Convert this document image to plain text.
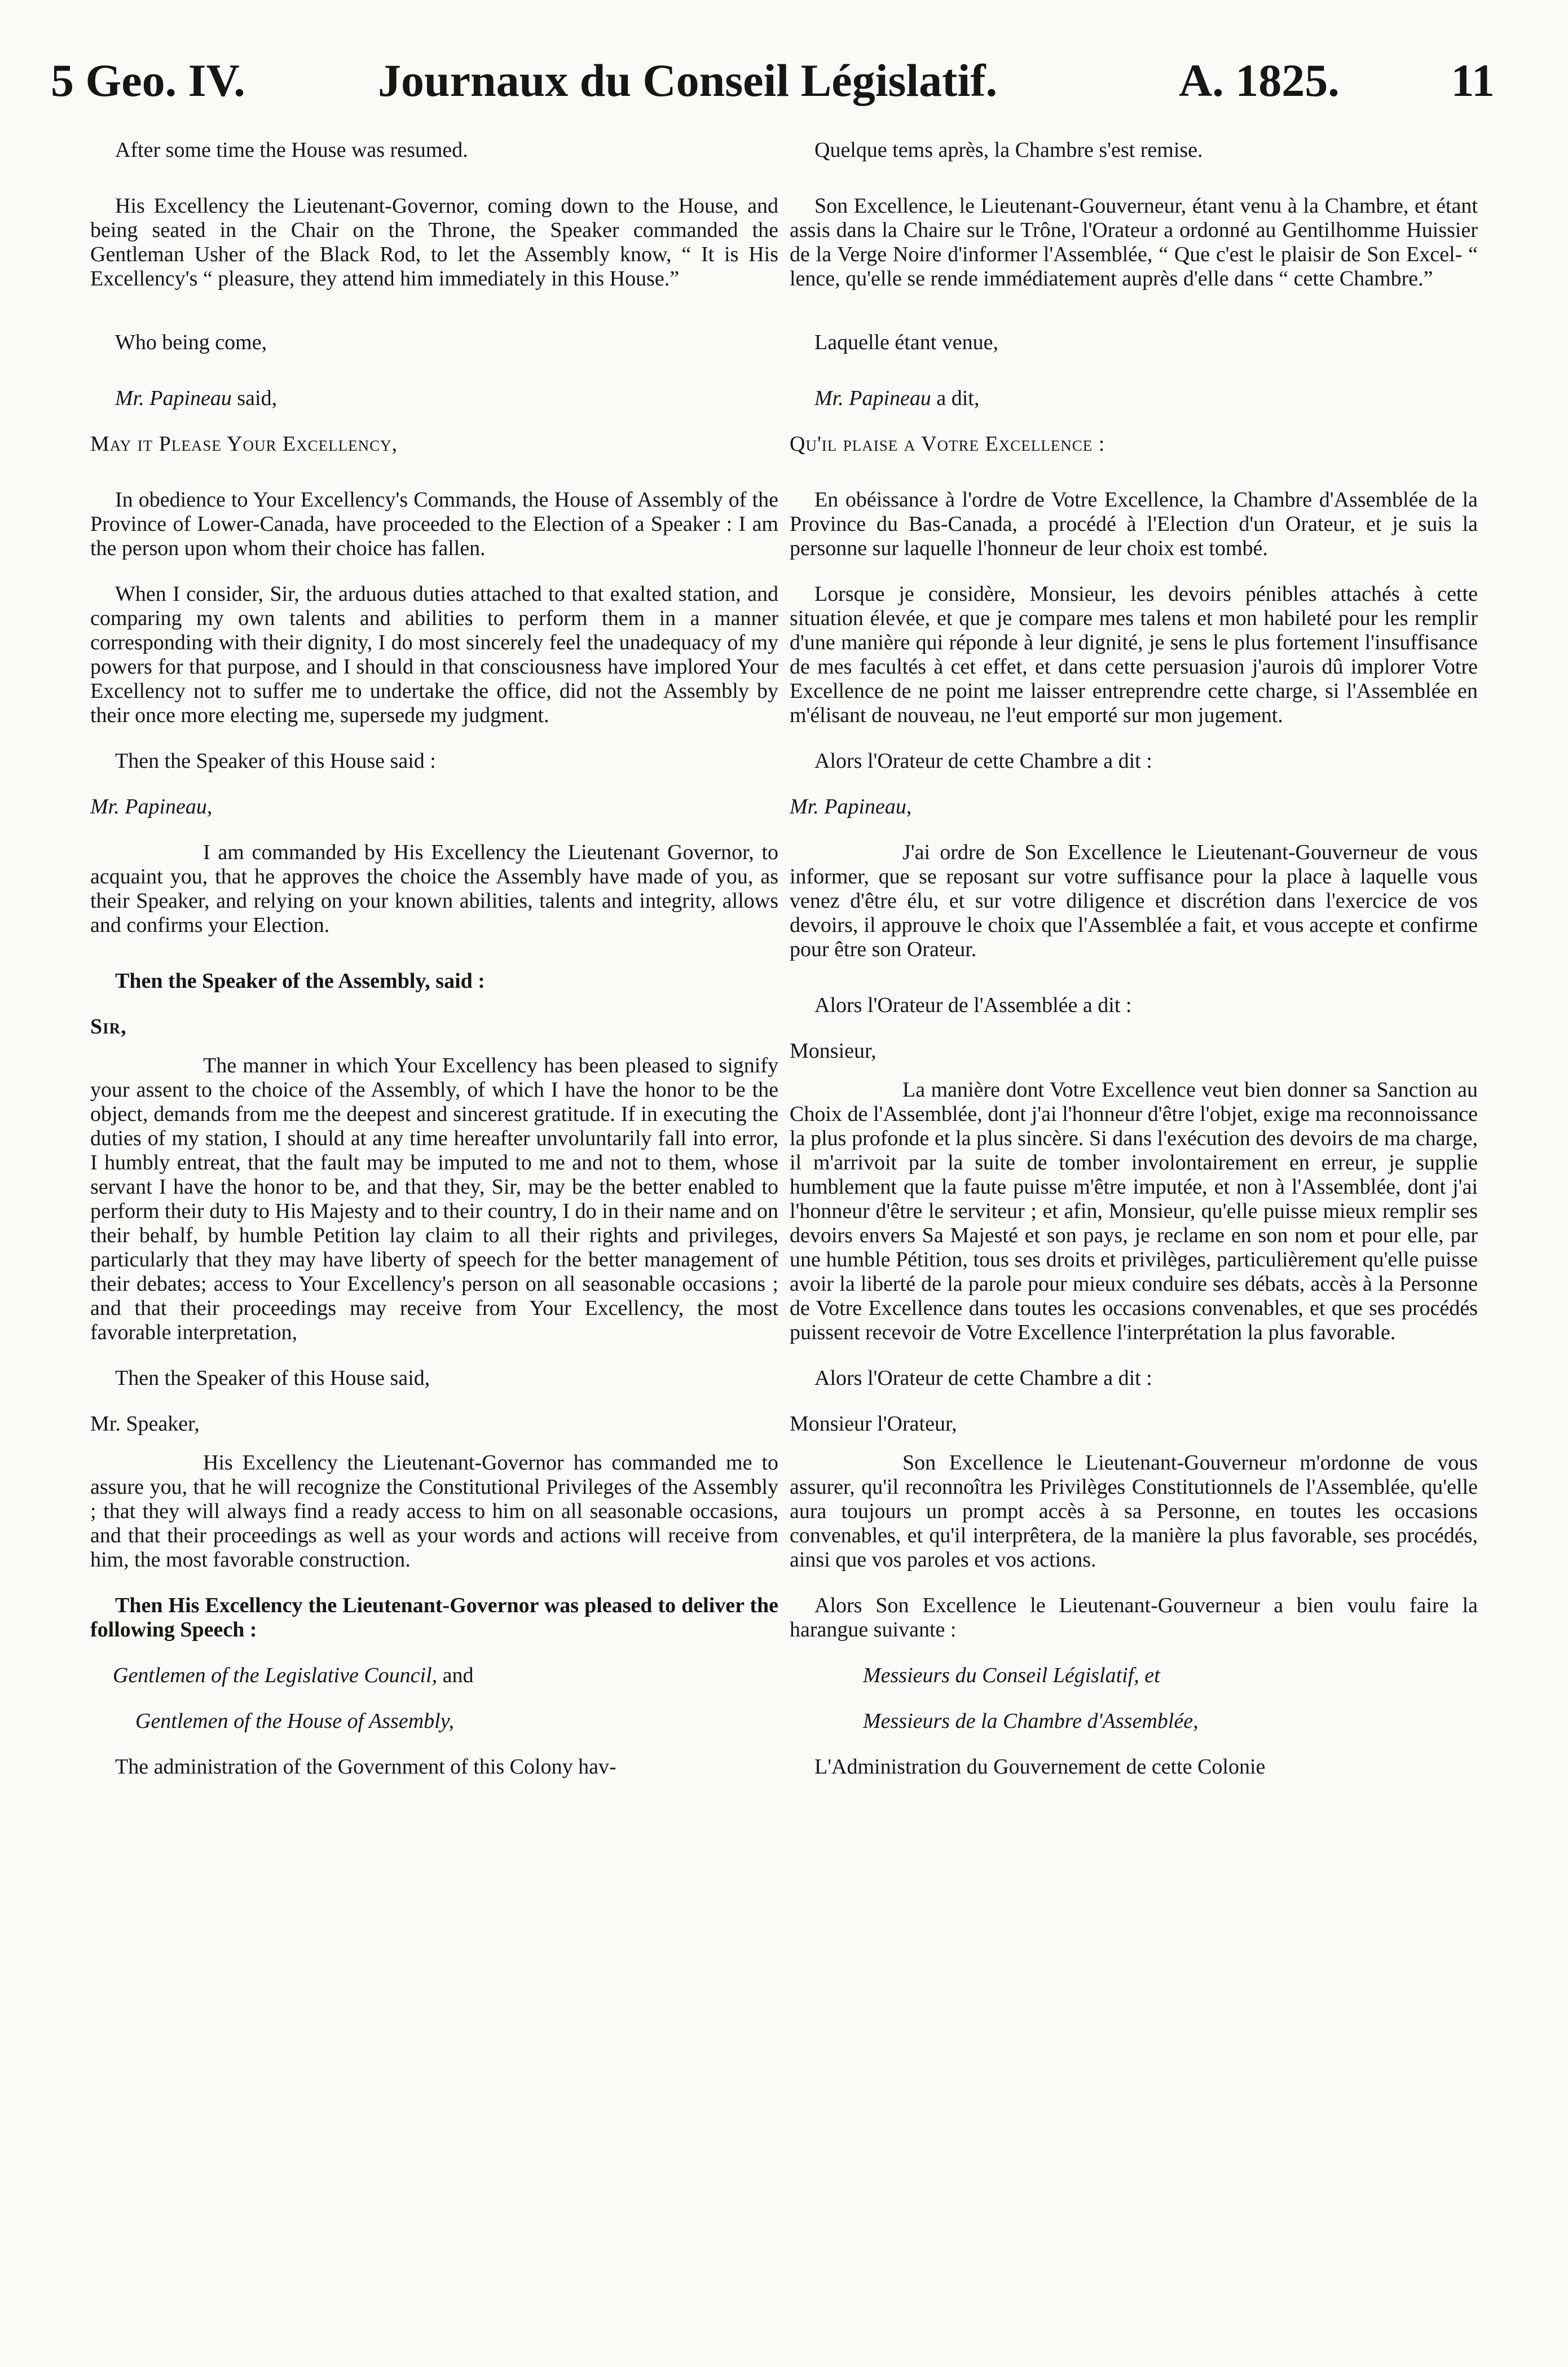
5 Geo. IV.	Journaux du Conseil Législatif.	A. 1825. 11

After some time the House was resumed.

His Excellency the Lieutenant-Governor, coming down to the House, and being seated in the Chair on the Throne, the Speaker commanded the Gentleman Usher of the Black Rod, to let the Assembly know, “ It is His Excellency's “ pleasure, they attend him immediately in this House.”

Who being come,

Mr. Papineau said,

May it Please Your Excellency,

In obedience to Your Excellency's Commands, the House of Assembly of the Province of Lower-Canada, have proceeded to the Election of a Speaker : I am the person upon whom their choice has fallen.

When I consider, Sir, the arduous duties attached to that exalted station, and comparing my own talents and abilities to perform them in a manner corresponding with their dignity, I do most sincerely feel the unadequacy of my powers for that purpose, and I should in that consciousness have implored Your Excellency not to suffer me to undertake the office, did not the Assembly by their once more electing me, supersede my judgment.

Then the Speaker of this House said :

Mr. Papineau,

I am commanded by His Excellency the Lieutenant Governor, to acquaint you, that he approves the choice the Assembly have made of you, as their Speaker, and relying on your known abilities, talents and integrity, allows and confirms your Election.

Then the Speaker of the Assembly, said :

Sir,

The manner in which Your Excellency has been pleased to signify your assent to the choice of the Assembly, of which I have the honor to be the object, demands from me the deepest and sincerest gratitude. If in executing the duties of my station, I should at any time hereafter unvoluntarily fall into error, I humbly entreat, that the fault may be imputed to me and not to them, whose servant I have the honor to be, and that they, Sir, may be the better enabled to perform their duty to His Majesty and to their country, I do in their name and on their behalf, by humble Petition lay claim to all their rights and privileges, particularly that they may have liberty of speech for the better management of their debates; access to Your Excellency's person on all seasonable occasions ; and that their proceedings may receive from Your Excellency, the most favorable interpretation,

Then the Speaker of this House said,

Mr. Speaker,

His Excellency the Lieutenant-Governor has commanded me to assure you, that he will recognize the Constitutional Privileges of the Assembly ; that they will always find a ready access to him on all seasonable occasions, and that their proceedings as well as your words and actions will receive from him, the most favorable construction.

Then His Excellency the Lieutenant-Governor was pleased to deliver the following Speech :

Gentlemen of the Legislative Council, and

Gentlemen of the House of Assembly,

The administration of the Government of this Colony hav-

Quelque tems après, la Chambre s'est remise.

Son Excellence, le Lieutenant-Gouverneur, étant venu à la Chambre, et étant assis dans la Chaire sur le Trône, l'Orateur a ordonné au Gentilhomme Huissier de la Verge Noire d'informer l'Assemblée, “ Que c'est le plaisir de Son Excel- “ lence, qu'elle se rende immédiatement auprès d'elle dans “ cette Chambre.”

Laquelle étant venue,

Mr. Papineau a dit,

Qu'il plaise a Votre Excellence :

En obéissance à l'ordre de Votre Excellence, la Chambre d'Assemblée de la Province du Bas-Canada, a procédé à l'Election d'un Orateur, et je suis la personne sur laquelle l'honneur de leur choix est tombé.

Lorsque je considère, Monsieur, les devoirs pénibles attachés à cette situation élevée, et que je compare mes talens et mon habileté pour les remplir d'une manière qui réponde à leur dignité, je sens le plus fortement l'insuffisance de mes facultés à cet effet, et dans cette persuasion j'aurois dû implorer Votre Excellence de ne point me laisser entreprendre cette charge, si l'Assemblée en m'élisant de nouveau, ne l'eut emporté sur mon jugement.

Alors l'Orateur de cette Chambre a dit :

Mr. Papineau,

J'ai ordre de Son Excellence le Lieutenant-Gouverneur de vous informer, que se reposant sur votre suffisance pour la place à laquelle vous venez d'être élu, et sur votre diligence et discrétion dans l'exercice de vos devoirs, il approuve le choix que l'Assemblée a fait, et vous accepte et confirme pour être son Orateur.

Alors l'Orateur de l'Assemblée a dit :

Monsieur,

La manière dont Votre Excellence veut bien donner sa Sanction au Choix de l'Assemblée, dont j'ai l'honneur d'être l'objet, exige ma reconnoissance la plus profonde et la plus sincère. Si dans l'exécution des devoirs de ma charge, il m'arrivoit par la suite de tomber involontairement en erreur, je supplie humblement que la faute puisse m'être imputée, et non à l'Assemblée, dont j'ai l'honneur d'être le serviteur ; et afin, Monsieur, qu'elle puisse mieux remplir ses devoirs envers Sa Majesté et son pays, je reclame en son nom et pour elle, par une humble Pétition, tous ses droits et privilèges, particulièrement qu'elle puisse avoir la liberté de la parole pour mieux conduire ses débats, accès à la Personne de Votre Excellence dans toutes les occasions convenables, et que ses procédés puissent recevoir de Votre Excellence l'interprétation la plus favorable.

Alors l'Orateur de cette Chambre a dit :

Monsieur l'Orateur,

Son Excellence le Lieutenant-Gouverneur m'ordonne de vous assurer, qu'il reconnoîtra les Privilèges Constitutionnels de l'Assemblée, qu'elle aura toujours un prompt accès à sa Personne, en toutes les occasions convenables, et qu'il interprêtera, de la manière la plus favorable, ses procédés, ainsi que vos paroles et vos actions.

Alors Son Excellence le Lieutenant-Gouverneur a bien voulu faire la harangue suivante :

Messieurs du Conseil Législatif, et

Messieurs de la Chambre d'Assemblée,

L'Administration du Gouvernement de cette Colonie
